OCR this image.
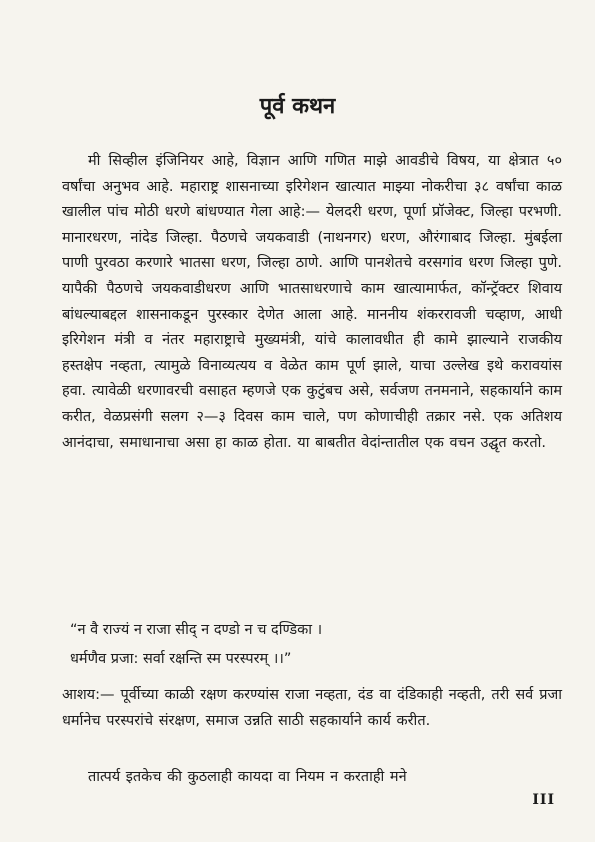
पूर्व कथन
मी सिव्हील इंजिनियर आहे, विज्ञान आणि गणित माझे आवडीचे विषय, या क्षेत्रात ५० वर्षांचा अनुभव आहे. महाराष्ट्र शासनाच्या इरिगेशन खात्यात माझ्या नोकरीचा ३८ वर्षांचा काळ खालील पांच मोठी धरणे बांधण्यात गेला आहे:— येलदरी धरण, पूर्णा प्रॉजेक्ट, जिल्हा परभणी. मानारधरण, नांदेड जिल्हा. पैठणचे जयकवाडी (नाथनगर) धरण, औरंगाबाद जिल्हा. मुंबईला पाणी पुरवठा करणारे भातसा धरण, जिल्हा ठाणे. आणि पानशेतचे वरसगांव धरण जिल्हा पुणे. यापैकी पैठणचे जयकवाडीधरण आणि भातसाधरणाचे काम खात्यामार्फत, कॉन्ट्रॅक्टर शिवाय बांधल्याबद्दल शासनाकडून पुरस्कार देणेत आला आहे. माननीय शंकररावजी चव्हाण, आधी इरिगेशन मंत्री व नंतर महाराष्ट्राचे मुख्यमंत्री, यांचे कालावधीत ही कामे झाल्याने राजकीय हस्तक्षेप नव्हता, त्यामुळे विनाव्यत्यय व वेळेत काम पूर्ण झाले, याचा उल्लेख इथे करावयांस हवा. त्यावेळी धरणावरची वसाहत म्हणजे एक कुटुंबच असे, सर्वजण तनमनाने, सहकार्याने काम करीत, वेळप्रसंगी सलग २—३ दिवस काम चाले, पण कोणाचीही तक्रार नसे. एक अतिशय आनंदाचा, समाधानाचा असा हा काळ होता. या बाबतीत वेदांन्तातील एक वचन उद्घृत करतो.
“न वै राज्यं न राजा सीद् न दण्डो न च दण्डिका ।
धर्मणैव प्रजा: सर्वा रक्षन्ति स्म परस्परम् ।।”
आशय:— पूर्वीच्या काळी रक्षण करण्यांस राजा नव्हता, दंड वा दंडिकाही नव्हती, तरी सर्व प्रजा धर्मानेच परस्परांचे संरक्षण, समाज उन्नति साठी सहकार्याने कार्य करीत.
तात्पर्य इतकेच की कुठलाही कायदा वा नियम न करताही मने
III
